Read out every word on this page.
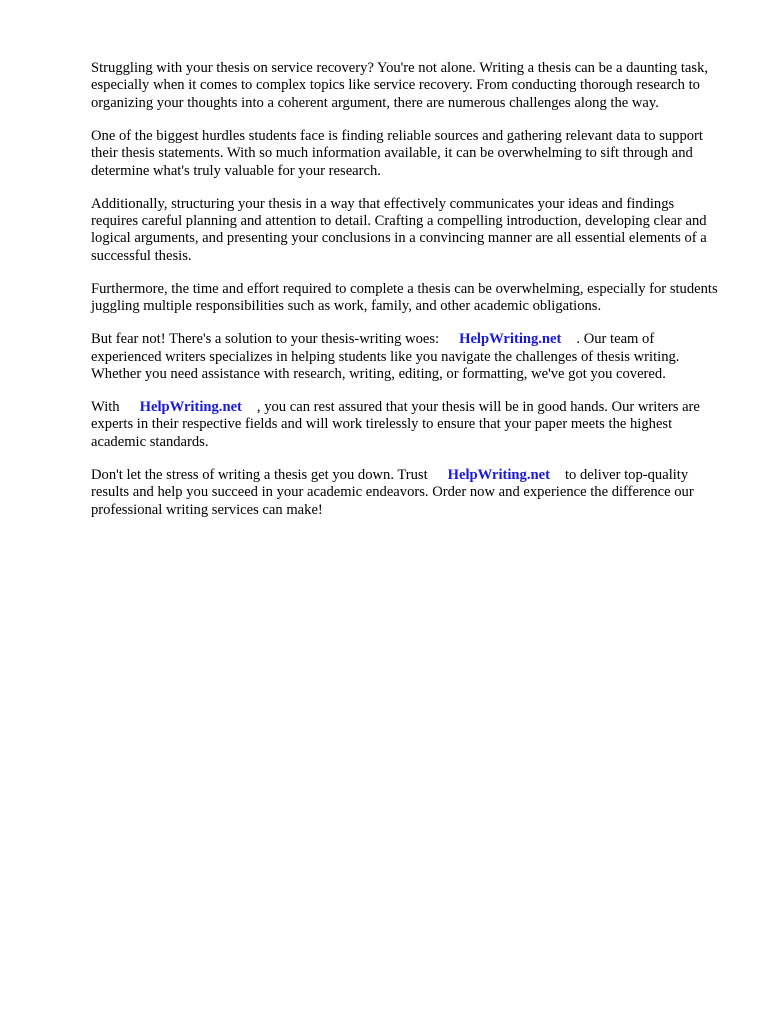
Struggling with your thesis on service recovery? You're not alone. Writing a thesis can be a daunting task, especially when it comes to complex topics like service recovery. From conducting thorough research to organizing your thoughts into a coherent argument, there are numerous challenges along the way.

One of the biggest hurdles students face is finding reliable sources and gathering relevant data to support their thesis statements. With so much information available, it can be overwhelming to sift through and determine what's truly valuable for your research.

Additionally, structuring your thesis in a way that effectively communicates your ideas and findings requires careful planning and attention to detail. Crafting a compelling introduction, developing clear and logical arguments, and presenting your conclusions in a convincing manner are all essential elements of a successful thesis.

Furthermore, the time and effort required to complete a thesis can be overwhelming, especially for students juggling multiple responsibilities such as work, family, and other academic obligations.

But fear not! There's a solution to your thesis-writing woes: HelpWriting.net . Our team of experienced writers specializes in helping students like you navigate the challenges of thesis writing. Whether you need assistance with research, writing, editing, or formatting, we've got you covered.

With HelpWriting.net , you can rest assured that your thesis will be in good hands. Our writers are experts in their respective fields and will work tirelessly to ensure that your paper meets the highest academic standards.

Don't let the stress of writing a thesis get you down. Trust HelpWriting.net to deliver top-quality results and help you succeed in your academic endeavors. Order now and experience the difference our professional writing services can make!
